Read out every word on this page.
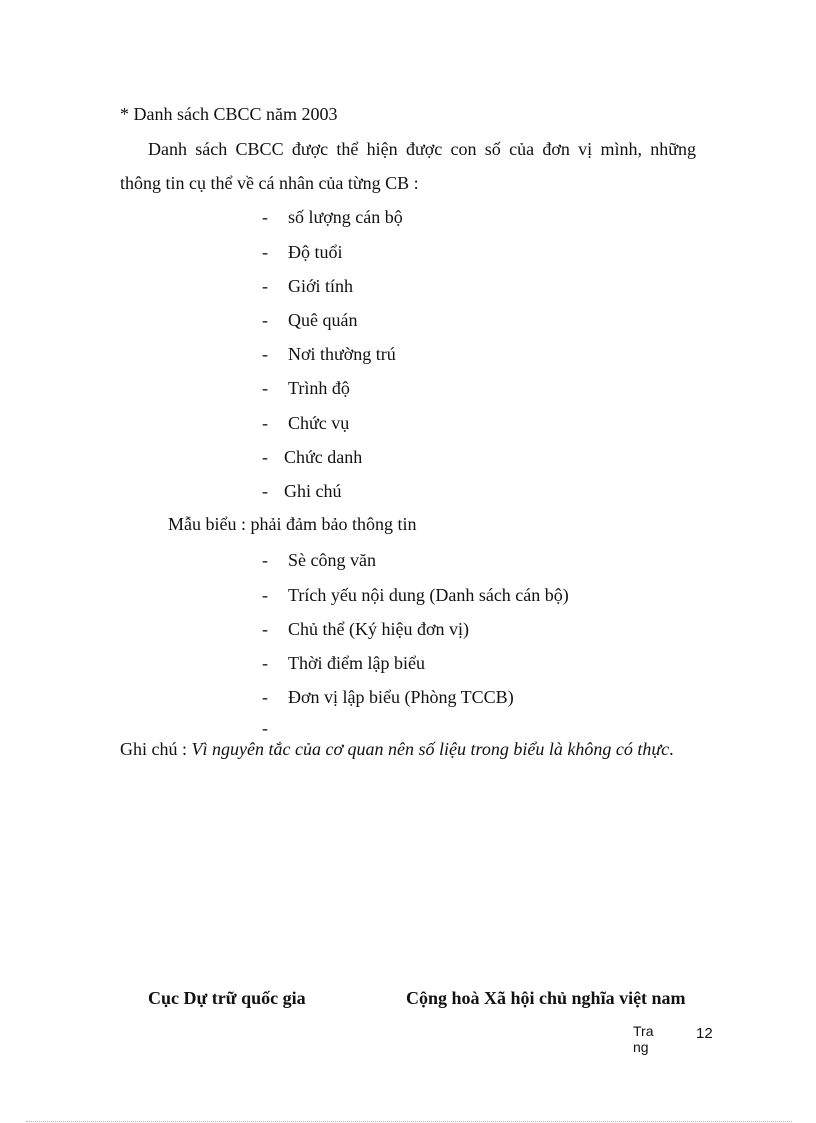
* Danh sách CBCC năm 2003
Danh sách CBCC được thể hiện được con số của đơn vị mình, những
thông tin cụ thể về cá nhân của từng CB :
- số lượng cán bộ
- Độ tuổi
- Giới tính
- Quê quán
- Nơi thường trú
- Trình độ
- Chức vụ
- Chức danh
- Ghi chú
Mẫu biểu : phải đảm bảo thông tin
- Sè công văn
- Trích yếu nội dung (Danh sách cán bộ)
- Chủ thể (Ký hiệu đơn vị)
- Thời điểm lập biểu
- Đơn vị lập biểu (Phòng TCCB)
-
Ghi chú : Vì nguyên tắc của cơ quan nên số liệu trong biểu là không có thực.
Cục Dự trữ quốc gia	Cộng hoà Xã hội chủ nghĩa việt nam
Trang
12
